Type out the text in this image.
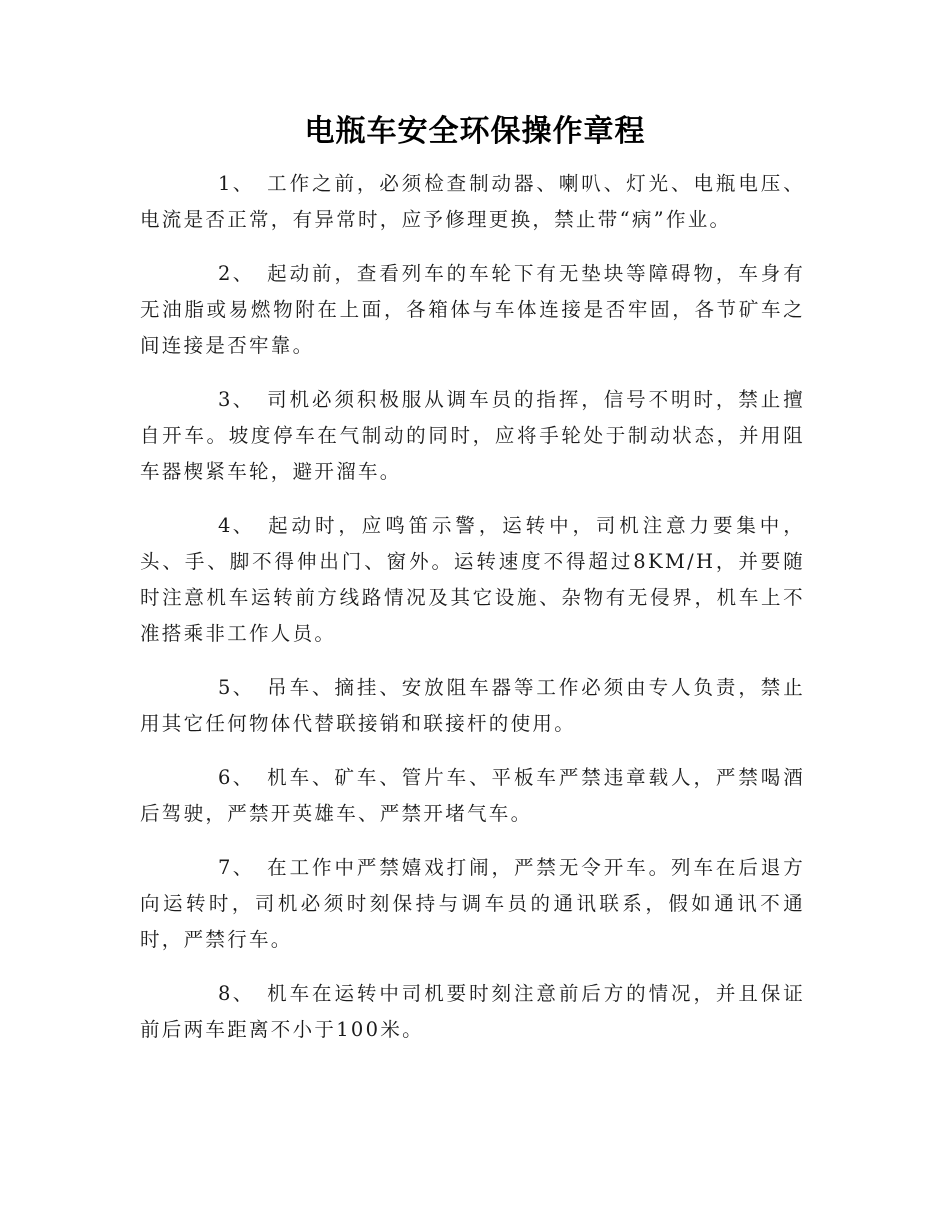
电瓶车安全环保操作章程

1、 工作之前，必须检查制动器、喇叭、灯光、电瓶电压、电流是否正常，有异常时，应予修理更换，禁止带“病”作业。

2、 起动前，查看列车的车轮下有无垫块等障碍物，车身有无油脂或易燃物附在上面，各箱体与车体连接是否牢固，各节矿车之间连接是否牢靠。

3、 司机必须积极服从调车员的指挥，信号不明时，禁止擅自开车。坡度停车在气制动的同时，应将手轮处于制动状态，并用阻车器楔紧车轮，避开溜车。

4、 起动时，应鸣笛示警，运转中，司机注意力要集中，头、手、脚不得伸出门、窗外。运转速度不得超过8KM/H，并要随时注意机车运转前方线路情况及其它设施、杂物有无侵界，机车上不准搭乘非工作人员。

5、 吊车、摘挂、安放阻车器等工作必须由专人负责，禁止用其它任何物体代替联接销和联接杆的使用。

6、 机车、矿车、管片车、平板车严禁违章载人，严禁喝酒后驾驶，严禁开英雄车、严禁开堵气车。

7、 在工作中严禁嬉戏打闹，严禁无令开车。列车在后退方向运转时，司机必须时刻保持与调车员的通讯联系，假如通讯不通时，严禁行车。

8、 机车在运转中司机要时刻注意前后方的情况，并且保证前后两车距离不小于100米。
